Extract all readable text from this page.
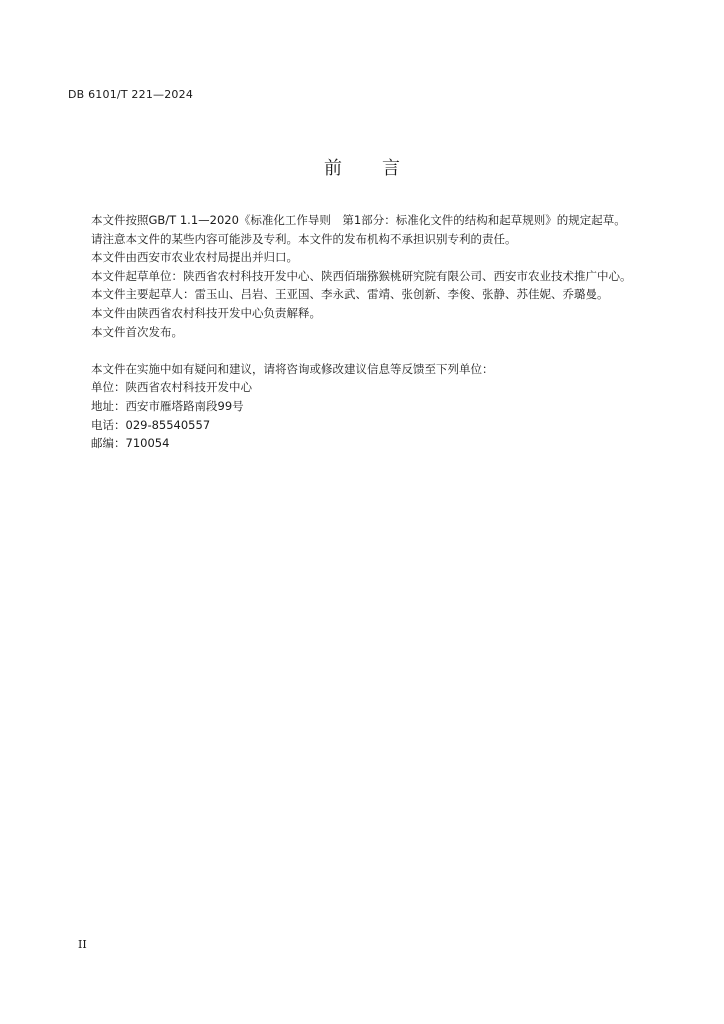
DB 6101/T 221—2024
前言

本文件按照GB/T 1.1—2020《标准化工作导则　第1部分：标准化文件的结构和起草规则》的规定起草。

请注意本文件的某些内容可能涉及专利。本文件的发布机构不承担识别专利的责任。

本文件由西安市农业农村局提出并归口。

本文件起草单位：陕西省农村科技开发中心、陕西佰瑞猕猴桃研究院有限公司、西安市农业技术推广中心。

本文件主要起草人：雷玉山、吕岩、王亚国、李永武、雷靖、张创新、李俊、张静、苏佳妮、乔璐曼。

本文件由陕西省农村科技开发中心负责解释。

本文件首次发布。

本文件在实施中如有疑问和建议，请将咨询或修改建议信息等反馈至下列单位：

单位：陕西省农村科技开发中心

地址：西安市雁塔路南段99号

电话：029-85540557

邮编：710054

II
